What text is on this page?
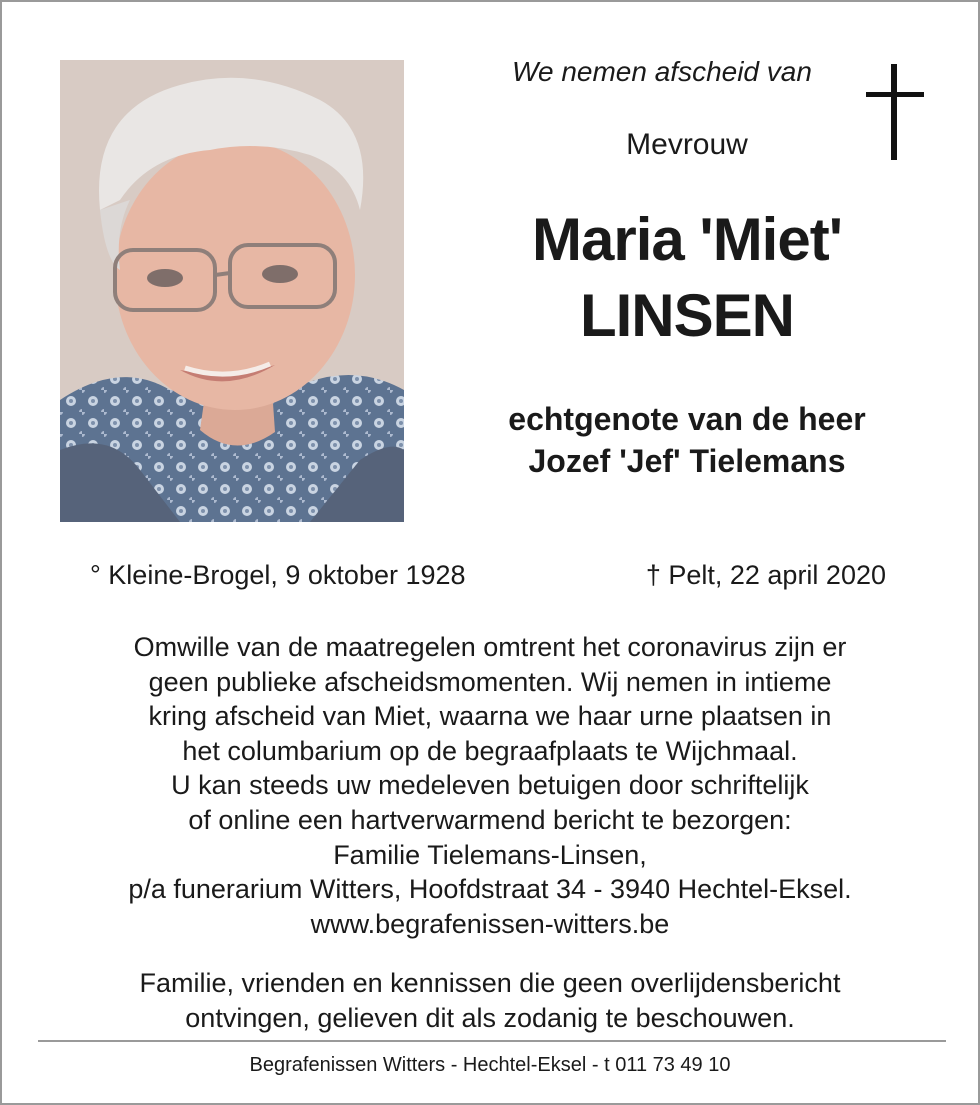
We nemen afscheid van
Mevrouw
Maria 'Miet'
LINSEN
echtgenote van de heer
Jozef 'Jef' Tielemans
° Kleine-Brogel, 9 oktober 1928	† Pelt, 22 april 2020
Omwille van de maatregelen omtrent het coronavirus zijn er
geen publieke afscheidsmomenten. Wij nemen in intieme
kring afscheid van Miet, waarna we haar urne plaatsen in
het columbarium op de begraafplaats te Wijchmaal.
U kan steeds uw medeleven betuigen door schriftelijk
of online een hartverwarmend bericht te bezorgen:
Familie Tielemans-Linsen,
p/a funerarium Witters, Hoofdstraat 34 - 3940 Hechtel-Eksel.
www.begrafenissen-witters.be
Familie, vrienden en kennissen die geen overlijdensbericht
ontvingen, gelieven dit als zodanig te beschouwen.
Begrafenissen Witters - Hechtel-Eksel - t 011 73 49 10
